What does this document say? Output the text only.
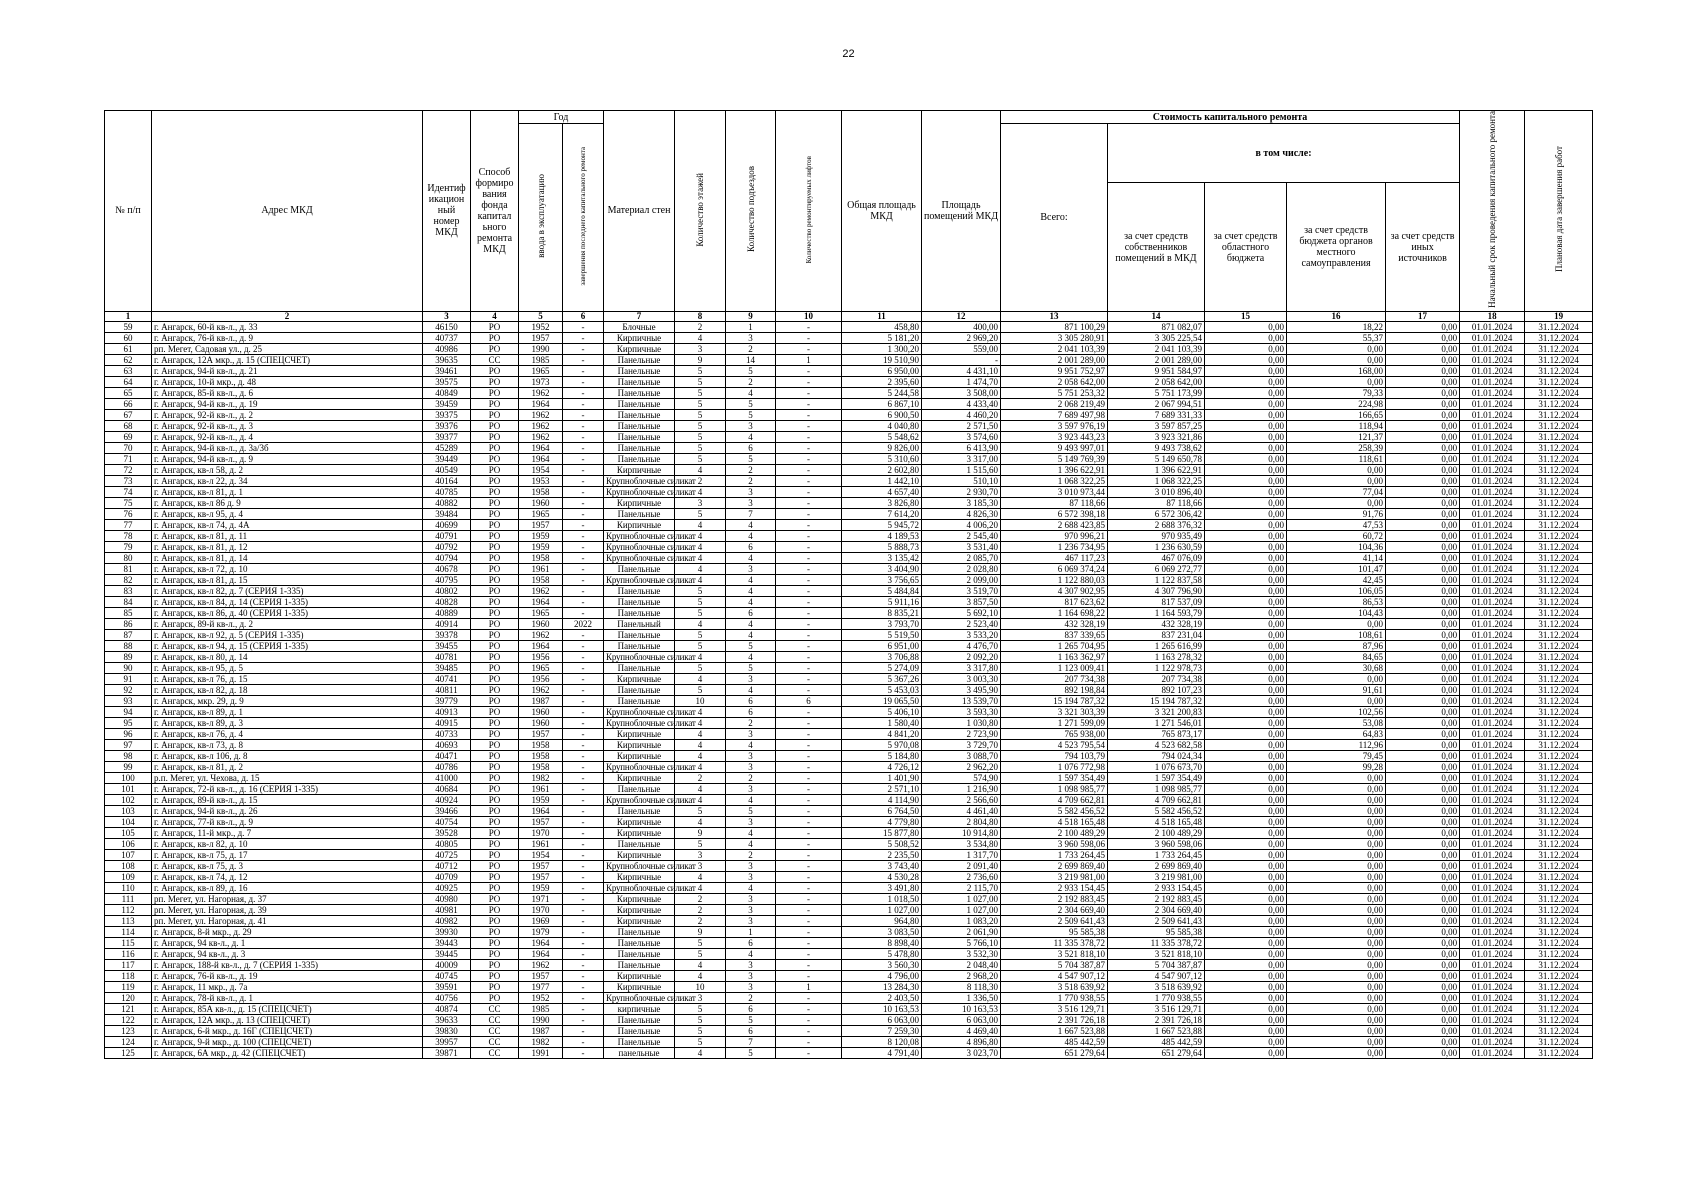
22
№ п/п	Адрес МКД	Идентиф икацион ный номер МКД	Способ формиро вания фонда капитал ьного ремонта МКД	Год		Материал стен	Количество этажей	Количество подъездов	Количество ремонтируемых лифтов	Общая площадь МКД	Площадь помещений МКД	Стоимость капитального ремонта					Начальный срок проведения капитального ремонта	Плановая дата завершения работ
				ввода в эксплуатацию	завершения последнего капитального ремонта							Всего:	в том числе:					
													за счет средств собственников помещений в МКД	за счет средств областного бюджета	за счет средств бюджета органов местного самоуправления	за счет средств иных источников		
1	2	3	4	5	6	7	8	9	10	11	12	13	14	15	16	17	18	19
59	г. Ангарск, 60-й кв-л., д. 33	46150	РО	1952	-	Блочные	2	1	-	458,80	400,00	871 100,29	871 082,07	0,00	18,22	0,00	01.01.2024	31.12.2024
60	г. Ангарск, 76-й кв-л., д. 9	40737	РО	1957	-	Кирпичные	4	3	-	5 181,20	2 969,20	3 305 280,91	3 305 225,54	0,00	55,37	0,00	01.01.2024	31.12.2024
61	рп. Мегет, Садовая ул., д. 25	40986	РО	1990	-	Кирпичные	3	2	-	1 300,20	559,00	2 041 103,39	2 041 103,39	0,00	0,00	0,00	01.01.2024	31.12.2024
62	г. Ангарск, 12А мкр., д. 15 (СПЕЦСЧЕТ)	39635	СС	1985	-	Панельные	9	14	1	19 510,90	-	2 001 289,00	2 001 289,00	0,00	0,00	0,00	01.01.2024	31.12.2024
63	г. Ангарск, 94-й кв-л., д. 21	39461	РО	1965	-	Панельные	5	5	-	6 950,00	4 431,10	9 951 752,97	9 951 584,97	0,00	168,00	0,00	01.01.2024	31.12.2024
64	г. Ангарск, 10-й мкр., д. 48	39575	РО	1973	-	Панельные	5	2	-	2 395,60	1 474,70	2 058 642,00	2 058 642,00	0,00	0,00	0,00	01.01.2024	31.12.2024
65	г. Ангарск, 85-й кв-л., д. 6	40849	РО	1962	-	Панельные	5	4	-	5 244,58	3 508,00	5 751 253,32	5 751 173,99	0,00	79,33	0,00	01.01.2024	31.12.2024
66	г. Ангарск, 94-й кв-л., д. 19	39459	РО	1964	-	Панельные	5	5	-	6 867,10	4 433,40	2 068 219,49	2 067 994,51	0,00	224,98	0,00	01.01.2024	31.12.2024
67	г. Ангарск, 92-й кв-л., д. 2	39375	РО	1962	-	Панельные	5	5	-	6 900,50	4 460,20	7 689 497,98	7 689 331,33	0,00	166,65	0,00	01.01.2024	31.12.2024
68	г. Ангарск, 92-й кв-л., д. 3	39376	РО	1962	-	Панельные	5	3	-	4 040,80	2 571,50	3 597 976,19	3 597 857,25	0,00	118,94	0,00	01.01.2024	31.12.2024
69	г. Ангарск, 92-й кв-л., д. 4	39377	РО	1962	-	Панельные	5	4	-	5 548,62	3 574,60	3 923 443,23	3 923 321,86	0,00	121,37	0,00	01.01.2024	31.12.2024
70	г. Ангарск, 94-й кв-л., д. 3а/3б	45289	РО	1964	-	Панельные	5	6	-	9 826,00	6 413,90	9 493 997,01	9 493 738,62	0,00	258,39	0,00	01.01.2024	31.12.2024
71	г. Ангарск, 94-й кв-л., д. 9	39449	РО	1964	-	Панельные	5	5	-	5 310,60	3 317,00	5 149 769,39	5 149 650,78	0,00	118,61	0,00	01.01.2024	31.12.2024
72	г. Ангарск, кв-л 58, д. 2	40549	РО	1954	-	Кирпичные	4	2	-	2 602,80	1 515,60	1 396 622,91	1 396 622,91	0,00	0,00	0,00	01.01.2024	31.12.2024
73	г. Ангарск, кв-л 22, д. 34	40164	РО	1953	-	Крупноблочные силикат	2	2	-	1 442,10	510,10	1 068 322,25	1 068 322,25	0,00	0,00	0,00	01.01.2024	31.12.2024
74	г. Ангарск, кв-л 81, д. 1	40785	РО	1958	-	Крупноблочные силикат	4	3	-	4 657,40	2 930,70	3 010 973,44	3 010 896,40	0,00	77,04	0,00	01.01.2024	31.12.2024
75	г. Ангарск, кв-л 86 д. 9	40882	РО	1960	-	Кирпичные	3	3	-	3 826,80	3 185,30	87 118,66	87 118,66	0,00	0,00	0,00	01.01.2024	31.12.2024
76	г. Ангарск, кв-л 95, д. 4	39484	РО	1965	-	Панельные	5	7	-	7 614,20	4 826,30	6 572 398,18	6 572 306,42	0,00	91,76	0,00	01.01.2024	31.12.2024
77	г. Ангарск, кв-л 74, д. 4А	40699	РО	1957	-	Кирпичные	4	4	-	5 945,72	4 006,20	2 688 423,85	2 688 376,32	0,00	47,53	0,00	01.01.2024	31.12.2024
78	г. Ангарск, кв-л 81, д. 11	40791	РО	1959	-	Крупноблочные силикат	4	4	-	4 189,53	2 545,40	970 996,21	970 935,49	0,00	60,72	0,00	01.01.2024	31.12.2024
79	г. Ангарск, кв-л 81, д. 12	40792	РО	1959	-	Крупноблочные силикат	4	6	-	5 888,73	3 531,40	1 236 734,95	1 236 630,59	0,00	104,36	0,00	01.01.2024	31.12.2024
80	г. Ангарск, кв-л 81, д. 14	40794	РО	1958	-	Крупноблочные силикат	4	4	-	3 135,42	2 085,70	467 117,23	467 076,09	0,00	41,14	0,00	01.01.2024	31.12.2024
81	г. Ангарск, кв-л 72, д. 10	40678	РО	1961	-	Панельные	4	3	-	3 404,90	2 028,80	6 069 374,24	6 069 272,77	0,00	101,47	0,00	01.01.2024	31.12.2024
82	г. Ангарск, кв-л 81, д. 15	40795	РО	1958	-	Крупноблочные силикат	4	4	-	3 756,65	2 099,00	1 122 880,03	1 122 837,58	0,00	42,45	0,00	01.01.2024	31.12.2024
83	г. Ангарск, кв-л 82, д. 7 (СЕРИЯ 1-335)	40802	РО	1962	-	Панельные	5	4	-	5 484,84	3 519,70	4 307 902,95	4 307 796,90	0,00	106,05	0,00	01.01.2024	31.12.2024
84	г. Ангарск, кв-л 84, д. 14 (СЕРИЯ 1-335)	40828	РО	1964	-	Панельные	5	4	-	5 911,16	3 857,50	817 623,62	817 537,09	0,00	86,53	0,00	01.01.2024	31.12.2024
85	г. Ангарск, кв-л 86, д. 40 (СЕРИЯ 1-335)	40889	РО	1965	-	Панельные	5	6	-	8 835,21	5 692,10	1 164 698,22	1 164 593,79	0,00	104,43	0,00	01.01.2024	31.12.2024
86	г. Ангарск, 89-й кв-л., д. 2	40914	РО	1960	2022	Панельный	4	4	-	3 793,70	2 523,40	432 328,19	432 328,19	0,00	0,00	0,00	01.01.2024	31.12.2024
87	г. Ангарск, кв-л 92, д. 5 (СЕРИЯ 1-335)	39378	РО	1962	-	Панельные	5	4	-	5 519,50	3 533,20	837 339,65	837 231,04	0,00	108,61	0,00	01.01.2024	31.12.2024
88	г. Ангарск, кв-л 94, д. 15 (СЕРИЯ 1-335)	39455	РО	1964	-	Панельные	5	5	-	6 951,00	4 476,70	1 265 704,95	1 265 616,99	0,00	87,96	0,00	01.01.2024	31.12.2024
89	г. Ангарск, кв-л 80, д. 14	40781	РО	1956	-	Крупноблочные силикат	4	4	-	3 706,88	2 092,20	1 163 362,97	1 163 278,32	0,00	84,65	0,00	01.01.2024	31.12.2024
90	г. Ангарск, кв-л 95, д. 5	39485	РО	1965	-	Панельные	5	5	-	5 274,09	3 317,80	1 123 009,41	1 122 978,73	0,00	30,68	0,00	01.01.2024	31.12.2024
91	г. Ангарск, кв-л 76, д. 15	40741	РО	1956	-	Кирпичные	4	3	-	5 367,26	3 003,30	207 734,38	207 734,38	0,00	0,00	0,00	01.01.2024	31.12.2024
92	г. Ангарск, кв-л 82, д. 18	40811	РО	1962	-	Панельные	5	4	-	5 453,03	3 495,90	892 198,84	892 107,23	0,00	91,61	0,00	01.01.2024	31.12.2024
93	г. Ангарск, мкр. 29, д. 9	39779	РО	1987	-	Панельные	10	6	6	19 065,50	13 539,70	15 194 787,32	15 194 787,32	0,00	0,00	0,00	01.01.2024	31.12.2024
94	г. Ангарск, кв-л 89, д. 1	40913	РО	1960	-	Крупноблочные силикат	4	6	-	5 406,10	3 593,30	3 321 303,39	3 321 200,83	0,00	102,56	0,00	01.01.2024	31.12.2024
95	г. Ангарск, кв-л 89, д. 3	40915	РО	1960	-	Крупноблочные силикат	4	2	-	1 580,40	1 030,80	1 271 599,09	1 271 546,01	0,00	53,08	0,00	01.01.2024	31.12.2024
96	г. Ангарск, кв-л 76, д. 4	40733	РО	1957	-	Кирпичные	4	3	-	4 841,20	2 723,90	765 938,00	765 873,17	0,00	64,83	0,00	01.01.2024	31.12.2024
97	г. Ангарск, кв-л 73, д. 8	40693	РО	1958	-	Кирпичные	4	4	-	5 970,08	3 729,70	4 523 795,54	4 523 682,58	0,00	112,96	0,00	01.01.2024	31.12.2024
98	г. Ангарск, кв-л 106, д. 8	40471	РО	1958	-	Кирпичные	4	3	-	5 184,80	3 088,70	794 103,79	794 024,34	0,00	79,45	0,00	01.01.2024	31.12.2024
99	г. Ангарск, кв-л 81, д. 2	40786	РО	1958	-	Крупноблочные силикат	4	3	-	4 726,12	2 962,20	1 076 772,98	1 076 673,70	0,00	99,28	0,00	01.01.2024	31.12.2024
100	р.п. Мегет, ул. Чехова, д. 15	41000	РО	1982	-	Кирпичные	2	2	-	1 401,90	574,90	1 597 354,49	1 597 354,49	0,00	0,00	0,00	01.01.2024	31.12.2024
101	г. Ангарск, 72-й кв-л., д. 16 (СЕРИЯ 1-335)	40684	РО	1961	-	Панельные	4	3	-	2 571,10	1 216,90	1 098 985,77	1 098 985,77	0,00	0,00	0,00	01.01.2024	31.12.2024
102	г. Ангарск, 89-й кв-л., д. 15	40924	РО	1959	-	Крупноблочные силикат	4	4	-	4 114,90	2 566,60	4 709 662,81	4 709 662,81	0,00	0,00	0,00	01.01.2024	31.12.2024
103	г. Ангарск, 94-й кв-л., д. 26	39466	РО	1964	-	Панельные	5	5	-	6 764,50	4 461,40	5 582 456,52	5 582 456,52	0,00	0,00	0,00	01.01.2024	31.12.2024
104	г. Ангарск, 77-й кв-л., д. 9	40754	РО	1957	-	Кирпичные	4	3	-	4 779,80	2 804,80	4 518 165,48	4 518 165,48	0,00	0,00	0,00	01.01.2024	31.12.2024
105	г. Ангарск, 11-й мкр., д. 7	39528	РО	1970	-	Кирпичные	9	4	-	15 877,80	10 914,80	2 100 489,29	2 100 489,29	0,00	0,00	0,00	01.01.2024	31.12.2024
106	г. Ангарск, кв-л 82, д. 10	40805	РО	1961	-	Панельные	5	4	-	5 508,52	3 534,80	3 960 598,06	3 960 598,06	0,00	0,00	0,00	01.01.2024	31.12.2024
107	г. Ангарск, кв-л 75, д. 17	40725	РО	1954	-	Кирпичные	3	2	-	2 235,50	1 317,70	1 733 264,45	1 733 264,45	0,00	0,00	0,00	01.01.2024	31.12.2024
108	г. Ангарск, кв-л 75, д. 3	40712	РО	1957	-	Крупноблочные силикат	3	3	-	3 743,40	2 091,40	2 699 869,40	2 699 869,40	0,00	0,00	0,00	01.01.2024	31.12.2024
109	г. Ангарск, кв-л 74, д. 12	40709	РО	1957	-	Кирпичные	4	3	-	4 530,28	2 736,60	3 219 981,00	3 219 981,00	0,00	0,00	0,00	01.01.2024	31.12.2024
110	г. Ангарск, кв-л 89, д. 16	40925	РО	1959	-	Крупноблочные силикат	4	4	-	3 491,80	2 115,70	2 933 154,45	2 933 154,45	0,00	0,00	0,00	01.01.2024	31.12.2024
111	рп. Мегет, ул. Нагорная, д. 37	40980	РО	1971	-	Кирпичные	2	3	-	1 018,50	1 027,00	2 192 883,45	2 192 883,45	0,00	0,00	0,00	01.01.2024	31.12.2024
112	рп. Мегет, ул. Нагорная, д. 39	40981	РО	1970	-	Кирпичные	2	3	-	1 027,00	1 027,00	2 304 669,40	2 304 669,40	0,00	0,00	0,00	01.01.2024	31.12.2024
113	рп. Мегет, ул. Нагорная, д. 41	40982	РО	1969	-	Кирпичные	2	3	-	964,80	1 083,20	2 509 641,43	2 509 641,43	0,00	0,00	0,00	01.01.2024	31.12.2024
114	г. Ангарск, 8-й мкр., д. 29	39930	РО	1979	-	Панельные	9	1	-	3 083,50	2 061,90	95 585,38	95 585,38	0,00	0,00	0,00	01.01.2024	31.12.2024
115	г. Ангарск, 94 кв-л., д. 1	39443	РО	1964	-	Панельные	5	6	-	8 898,40	5 766,10	11 335 378,72	11 335 378,72	0,00	0,00	0,00	01.01.2024	31.12.2024
116	г. Ангарск, 94 кв-л., д. 3	39445	РО	1964	-	Панельные	5	4	-	5 478,80	3 532,30	3 521 818,10	3 521 818,10	0,00	0,00	0,00	01.01.2024	31.12.2024
117	г. Ангарск, 188-й кв-л., д. 7 (СЕРИЯ 1-335)	40009	РО	1962	-	Панельные	4	3	-	3 560,30	2 048,40	5 704 387,87	5 704 387,87	0,00	0,00	0,00	01.01.2024	31.12.2024
118	г. Ангарск, 76-й кв-л., д. 19	40745	РО	1957	-	Кирпичные	4	3	-	4 796,00	2 968,20	4 547 907,12	4 547 907,12	0,00	0,00	0,00	01.01.2024	31.12.2024
119	г. Ангарск, 11 мкр., д. 7а	39591	РО	1977	-	Кирпичные	10	3	1	13 284,30	8 118,30	3 518 639,92	3 518 639,92	0,00	0,00	0,00	01.01.2024	31.12.2024
120	г. Ангарск, 78-й кв-л., д. 1	40756	РО	1952	-	Крупноблочные силикат	3	2	-	2 403,50	1 336,50	1 770 938,55	1 770 938,55	0,00	0,00	0,00	01.01.2024	31.12.2024
121	г. Ангарск, 85А кв-л., д. 15 (СПЕЦСЧЕТ)	40874	СС	1985	-	кирпичные	5	6	-	10 163,53	10 163,53	3 516 129,71	3 516 129,71	0,00	0,00	0,00	01.01.2024	31.12.2024
122	г. Ангарск, 12А мкр., д. 13 (СПЕЦСЧЕТ)	39633	СС	1990	-	Панельные	5	5	-	6 063,00	6 063,00	2 391 726,18	2 391 726,18	0,00	0,00	0,00	01.01.2024	31.12.2024
123	г. Ангарск, 6-й мкр., д. 16Г (СПЕЦСЧЕТ)	39830	СС	1987	-	Панельные	5	6	-	7 259,30	4 469,40	1 667 523,88	1 667 523,88	0,00	0,00	0,00	01.01.2024	31.12.2024
124	г. Ангарск, 9-й мкр., д. 100 (СПЕЦСЧЕТ)	39957	СС	1982	-	Панельные	5	7	-	8 120,08	4 896,80	485 442,59	485 442,59	0,00	0,00	0,00	01.01.2024	31.12.2024
125	г. Ангарск, 6А мкр., д. 42 (СПЕЦСЧЕТ)	39871	СС	1991	-	панельные	4	5	-	4 791,40	3 023,70	651 279,64	651 279,64	0,00	0,00	0,00	01.01.2024	31.12.2024
